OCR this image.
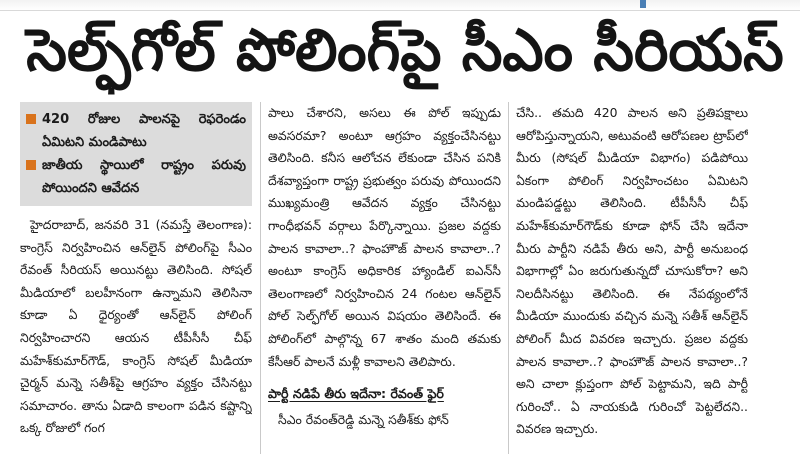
సెల్ఫ్‌గోల్ పోలింగ్‌పై సీఎం సీరియస్
420 రోజుల పాలనపై రెఫరెండం ఏమిటని మండిపాటు
జాతీయ స్థాయిలో రాష్ట్రం పరువు పోయిందని ఆవేదన

హైదరాబాద్, జనవరి 31 (నమస్తే తెలంగాణ): కాంగ్రెస్ నిర్వహించిన ఆన్‌లైన్ పోలింగ్‌పై సీఎం రేవంత్ సీరియస్ అయినట్టు తెలిసింది. సోషల్ మీడియాలో బలహీనంగా ఉన్నామని తెలిసినా కూడా ఏ ధైర్యంతో ఆన్‌లైన్ పోలింగ్ నిర్వహించారని ఆయన టీపీసీసీ చీఫ్ మహేశ్‌కుమార్‌గౌడ్, కాంగ్రెస్ సోషల్ మీడియా చైర్మన్ మన్నె సతీశ్‌పై ఆగ్రహం వ్యక్తం చేసినట్టు సమాచారం. తాను ఏడాది కాలంగా పడిన కష్టాన్ని ఒక్క రోజులో గంగ

పాలు చేశారని, అసలు ఈ పోల్ ఇప్పుడు అవసరమా? అంటూ ఆగ్రహం వ్యక్తంచేసినట్టు తెలిసింది. కనీస ఆలోచన లేకుండా చేసిన పనికి దేశవ్యాప్తంగా రాష్ట్ర ప్రభుత్వం పరువు పోయిందని ముఖ్యమంత్రి ఆవేదన వ్యక్తం చేసినట్టు గాంధీభవన్ వర్గాలు పేర్కొన్నాయి. ప్రజల వద్దకు పాలన కావాలా..? ఫాంహౌజ్ పాలన కావాలా..? అంటూ కాంగ్రెస్ అధికారిక హ్యాండిల్ ఐఎన్‌సీ తెలంగాణలో నిర్వహించిన 24 గంటల ఆన్‌లైన్ పోల్ సెల్ఫ్‌గోల్ అయిన విషయం తెలిసిందే. ఈ పోలింగ్‌లో పాల్గొన్న 67 శాతం మంది తమకు కేసీఆర్ పాలనే మళ్లీ కావాలని తెలిపారు.

పార్టీ నడిపే తీరు ఇదేనా: రేవంత్ ఫైర్

సీఎం రేవంత్‌రెడ్డి మన్నె సతీశ్‌కు ఫోన్

చేసి.. తమది 420 పాలన అని ప్రతిపక్షాలు ఆరోపిస్తున్నాయని, అటువంటి ఆరోపణల ట్రాప్‌లో మీరు (సోషల్ మీడియా విభాగం) పడిపోయి ఏకంగా పోలింగ్ నిర్వహించటం ఏమిటని మండిపడ్డట్టు తెలిసింది. టీపీసీసీ చీఫ్ మహేశ్‌కుమార్‌గౌడ్‌కు కూడా ఫోన్ చేసి ఇదేనా మీరు పార్టీని నడిపే తీరు అని, పార్టీ అనుబంధ విభాగాల్లో ఏం జరుగుతున్నదో చూసుకోరా? అని నిలదీసినట్టు తెలిసింది. ఈ నేపథ్యంలోనే మీడియా ముందుకు వచ్చిన మన్నె సతీశ్ ఆన్‌లైన్ పోలింగ్ మీద వివరణ ఇచ్చారు. ప్రజల వద్దకు పాలన కావాలా..? ఫాంహౌజ్ పాలన కావాలా..? అని చాలా క్లుప్తంగా పోల్ పెట్టామని, ఇది పార్టీ గురించో.. ఏ నాయకుడి గురించో పెట్టలేదని.. వివరణ ఇచ్చారు.
